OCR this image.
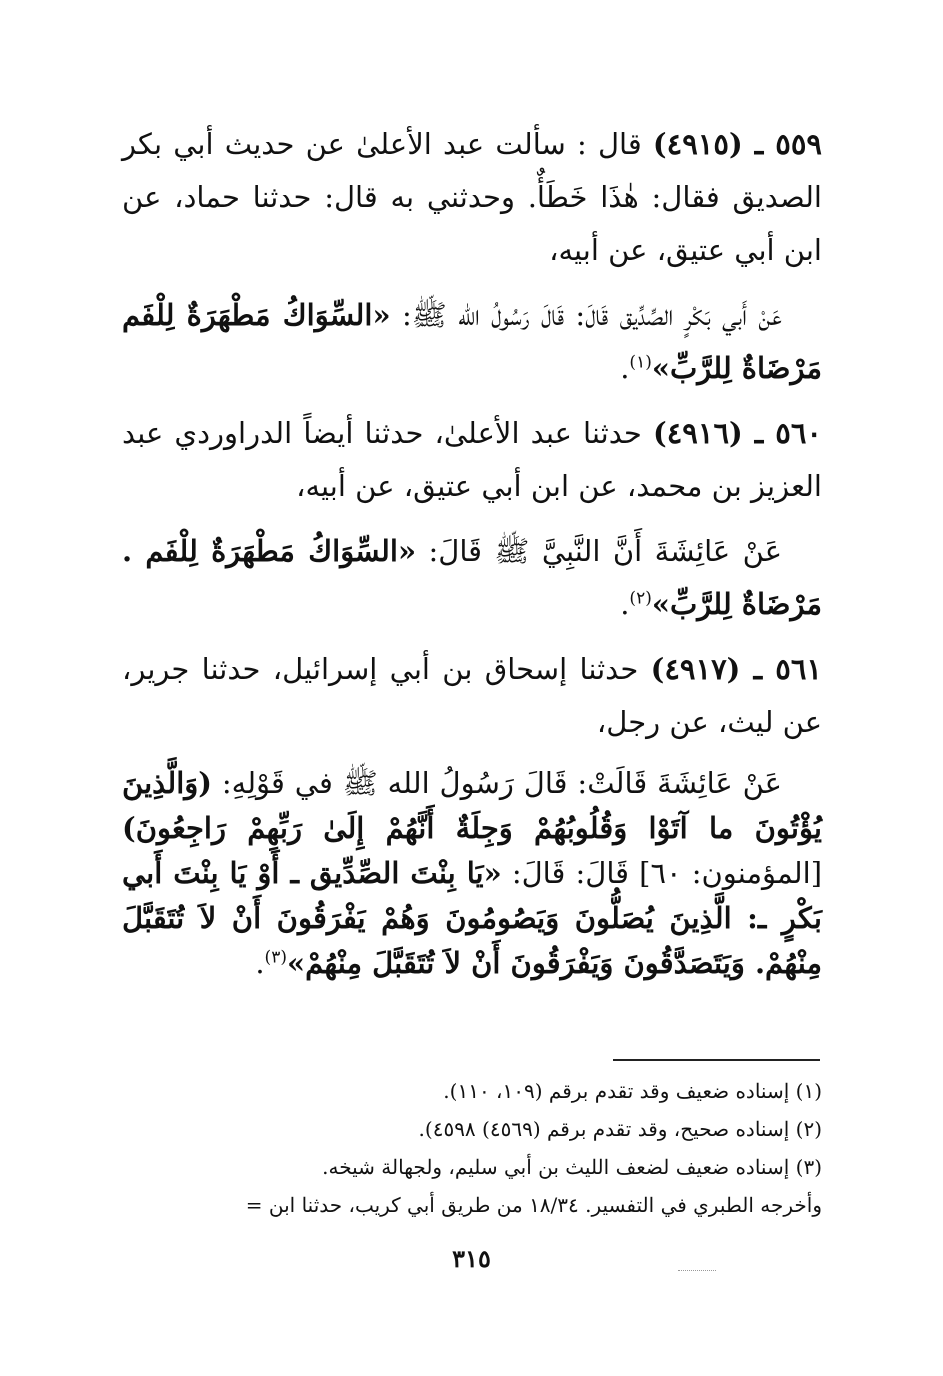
٥٥٩ ـ (٤٩١٥) قال : سألت عبد الأعلىٰ عن حديث أبي بكر الصديق فقال: هٰذَا خَطَأٌ. وحدثني به قال: حدثنا حماد، عن ابن أبي عتيق، عن أبيه،

عَنْ أَبي بَكْرٍ الصِّدِّيق قَالَ: قَالَ رَسُولُ الله ﷺ: «السِّوَاكُ مَطْهَرَةٌ لِلْفَم مَرْضَاةٌ لِلرَّبِّ»$^{(١)}$.

٥٦٠ ـ (٤٩١٦) حدثنا عبد الأعلىٰ، حدثنا أيضاً الدراوردي عبد العزيز بن محمد، عن ابن أبي عتيق، عن أبيه،

عَنْ عَائِشَةَ أَنَّ النَّبِيَّ ﷺ قَالَ: «السِّوَاكُ مَطْهَرَةٌ لِلْفَم . مَرْضَاةٌ لِلرَّبِّ»$^{(٢)}$.

٥٦١ ـ (٤٩١٧) حدثنا إسحاق بن أبي إسرائيل، حدثنا جرير، عن ليث، عن رجل،

عَنْ عَائِشَةَ قَالَتْ: قَالَ رَسُولُ الله ﷺ في قَوْلِهِ: (وَالَّذِينَ يُؤْتُونَ ما آتَوْا وَقُلُوبُهُمْ وَجِلَةٌ أَنَّهُمْ إِلَىٰ رَبِّهِمْ رَاجِعُونَ) [المؤمنون: ٦٠] قَالَ: قَالَ: «يَا بِنْتَ الصِّدِّيق ـ أَوْ يَا بِنْتَ أَبي بَكْرٍ ـ: الَّذِينَ يُصَلُّونَ وَيَصُومُونَ وَهُمْ يَفْرَقُونَ أَنْ لاَ تُتَقَبَّلَ مِنْهُمْ. وَيَتَصَدَّقُونَ وَيَفْرَقُونَ أَنْ لاَ تُتَقَبَّلَ مِنْهُمْ»$^{(٣)}$.

(١) إسناده ضعيف وقد تقدم برقم (١٠٩، ١١٠).

(٢) إسناده صحيح، وقد تقدم برقم (٤٥٦٩) ٤٥٩٨).

(٣) إسناده ضعيف لضعف الليث بن أبي سليم، ولجهالة شيخه.

وأخرجه الطبري في التفسير. ١٨/٣٤ من طريق أبي كريب، حدثنا ابن =

٣١٥
